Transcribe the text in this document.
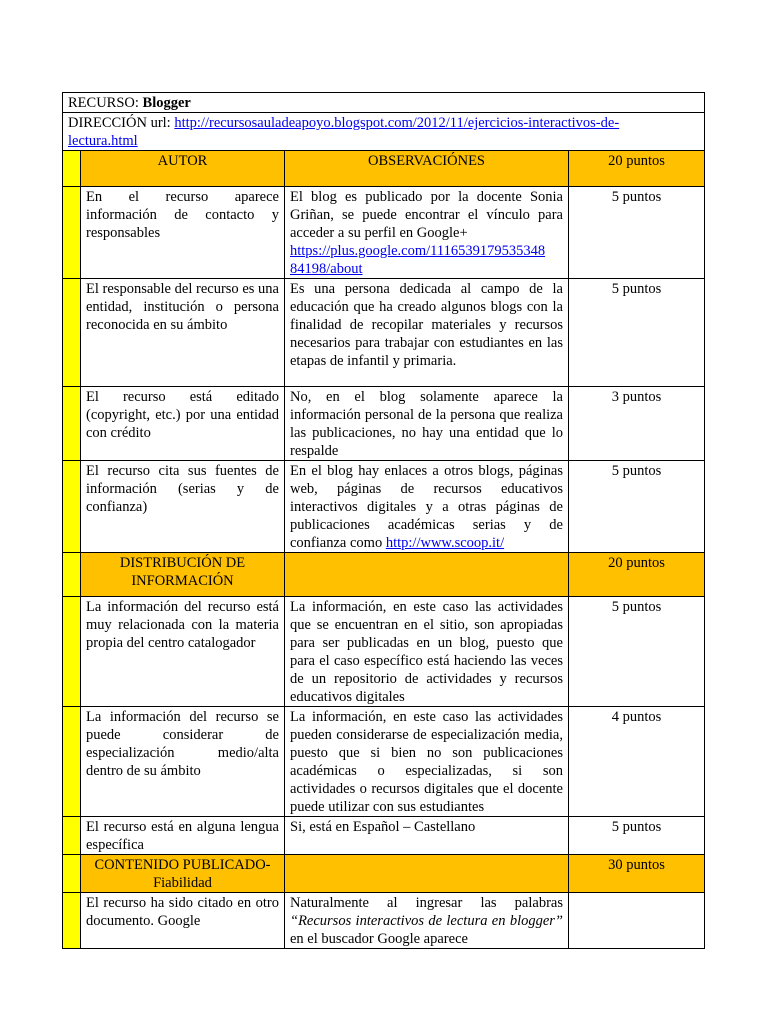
RECURSO: Blogger			
DIRECCIÓN url: http://recursosauladeapoyo.blogspot.com/2012/11/ejercicios-interactivos-de-
lectura.html			
	AUTOR	OBSERVACIÓNES	20 puntos
	En el recurso aparece información de contacto y responsables	El blog es publicado por la docente Sonia Griñan, se puede encontrar el vínculo para acceder a su perfil en Google+
https://plus.google.com/1116539179535348
84198/about	5 puntos
	El responsable del recurso es una entidad, institución o persona reconocida en su ámbito	Es una persona dedicada al campo de la educación que ha creado algunos blogs con la finalidad de recopilar materiales y recursos necesarios para trabajar con estudiantes en las etapas de infantil y primaria.	5 puntos
	El recurso está editado (copyright, etc.) por una entidad con crédito	No, en el blog solamente aparece la información personal de la persona que realiza las publicaciones, no hay una entidad que lo respalde	3 puntos
	El recurso cita sus fuentes de información (serias y de confianza)	En el blog hay enlaces a otros blogs, páginas web, páginas de recursos educativos interactivos digitales y a otras páginas de publicaciones académicas serias y de confianza como http://www.scoop.it/	5 puntos
	DISTRIBUCIÓN DE
INFORMACIÓN		20 puntos
	La información del recurso está muy relacionada con la materia propia del centro catalogador	La información, en este caso las actividades que se encuentran en el sitio, son apropiadas para ser publicadas en un blog, puesto que para el caso específico está haciendo las veces de un repositorio de actividades y recursos educativos digitales	5 puntos
	La información del recurso se puede considerar de especialización medio/alta dentro de su ámbito	La información, en este caso las actividades pueden considerarse de especialización media, puesto que si bien no son publicaciones académicas o especializadas, si son actividades o recursos digitales que el docente puede utilizar con sus estudiantes	4 puntos
	El recurso está en alguna lengua específica	Si, está en Español – Castellano	5 puntos
	CONTENIDO PUBLICADO-
Fiabilidad		30 puntos
	El recurso ha sido citado en otro documento. Google	Naturalmente al ingresar las palabras “Recursos interactivos de lectura en blogger” en el buscador Google aparece	
